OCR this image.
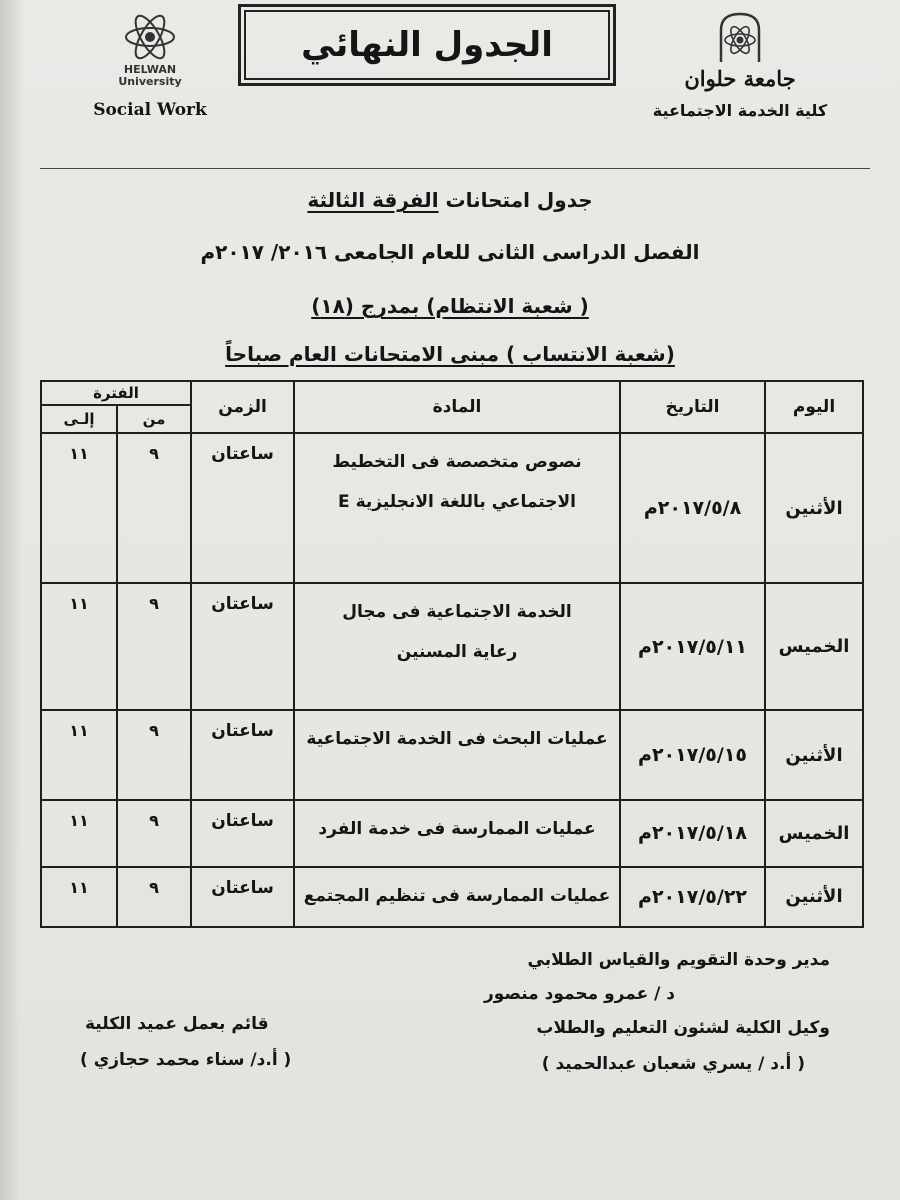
HELWAN
University
Social Work
الجدول النهائي
جامعة حلوان
كلية الخدمة الاجتماعية
جدول امتحانات الفرقة الثالثة
الفصل الدراسى الثانى للعام الجامعى ٢٠١٦/ ٢٠١٧م
( شعبة الانتظام) بمدرج (١٨)
(شعبة الانتساب ) مبنى الامتحانات العام صباحاً
اليوم	التاريخ	المادة	الزمن	الفترة	
				من	إلـى
الأثنين	٢٠١٧/٥/٨م	نصوص متخصصة فى التخطيط
الاجتماعي باللغة الانجليزية E	ساعتان	٩	١١
الخميس	٢٠١٧/٥/١١م	الخدمة الاجتماعية فى مجال
رعاية المسنين	ساعتان	٩	١١
الأثنين	٢٠١٧/٥/١٥م	عمليات البحث فى الخدمة الاجتماعية	ساعتان	٩	١١
الخميس	٢٠١٧/٥/١٨م	عمليات الممارسة فى خدمة الفرد	ساعتان	٩	١١
الأثنين	٢٠١٧/٥/٢٢م	عمليات الممارسة فى تنظيم المجتمع	ساعتان	٩	١١
مدير وحدة التقويم والقياس الطلابي
د / عمرو محمود منصور
وكيل الكلية لشئون التعليم والطلاب
( أ.د / يسري شعبان عبدالحميد )
قائم بعمل عميد الكلية
( أ.د/ سناء محمد حجازي )
